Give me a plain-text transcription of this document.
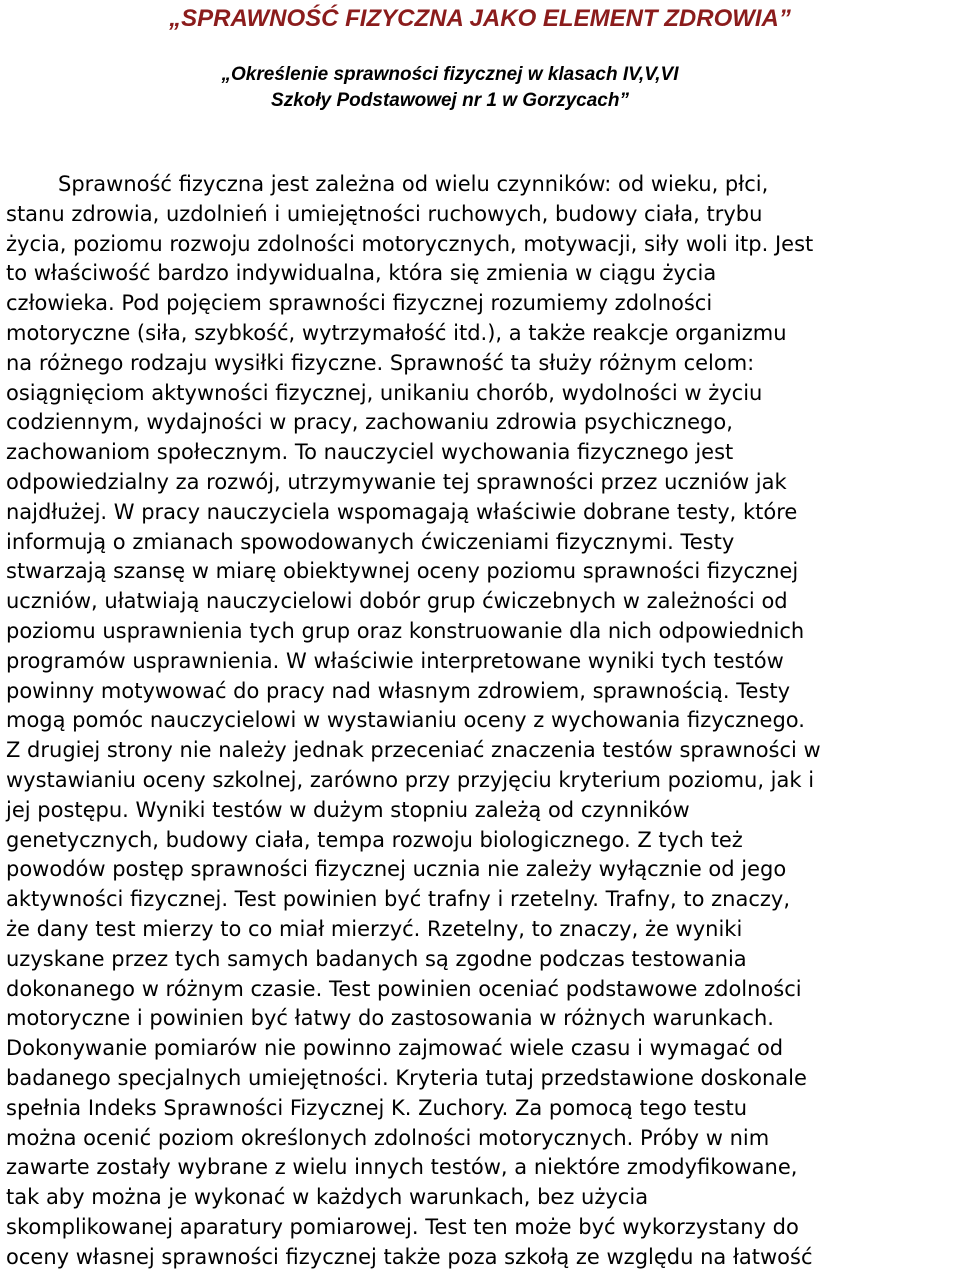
„SPRAWNOŚĆ FIZYCZNA JAKO ELEMENT ZDROWIA”

„Określenie sprawności fizycznej w klasach IV,V,VI

Szkoły Podstawowej nr 1 w Gorzycach”

Sprawność fizyczna jest zależna od wielu czynników: od wieku, płci,
stanu zdrowia, uzdolnień i umiejętności ruchowych, budowy ciała, trybu
życia, poziomu rozwoju zdolności motorycznych, motywacji, siły woli itp. Jest
to właściwość bardzo indywidualna, która się zmienia w ciągu życia
człowieka. Pod pojęciem sprawności fizycznej rozumiemy zdolności
motoryczne (siła, szybkość, wytrzymałość itd.), a także reakcje organizmu
na różnego rodzaju wysiłki fizyczne. Sprawność ta służy różnym celom:
osiągnięciom aktywności fizycznej, unikaniu chorób, wydolności w życiu
codziennym, wydajności w pracy, zachowaniu zdrowia psychicznego,
zachowaniom społecznym. To nauczyciel wychowania fizycznego jest
odpowiedzialny za rozwój, utrzymywanie tej sprawności przez uczniów jak
najdłużej. W pracy nauczyciela wspomagają właściwie dobrane testy, które
informują o zmianach spowodowanych ćwiczeniami fizycznymi. Testy
stwarzają szansę w miarę obiektywnej oceny poziomu sprawności fizycznej
uczniów, ułatwiają nauczycielowi dobór grup ćwiczebnych w zależności od
poziomu usprawnienia tych grup oraz konstruowanie dla nich odpowiednich
programów usprawnienia. W właściwie interpretowane wyniki tych testów
powinny motywować do pracy nad własnym zdrowiem, sprawnością. Testy
mogą pomóc nauczycielowi w wystawianiu oceny z wychowania fizycznego.
Z drugiej strony nie należy jednak przeceniać znaczenia testów sprawności w
wystawianiu oceny szkolnej, zarówno przy przyjęciu kryterium poziomu, jak i
jej postępu. Wyniki testów w dużym stopniu zależą od czynników
genetycznych, budowy ciała, tempa rozwoju biologicznego. Z tych też
powodów postęp sprawności fizycznej ucznia nie zależy wyłącznie od jego
aktywności fizycznej. Test powinien być trafny i rzetelny. Trafny, to znaczy,
że dany test mierzy to co miał mierzyć. Rzetelny, to znaczy, że wyniki
uzyskane przez tych samych badanych są zgodne podczas testowania
dokonanego w różnym czasie. Test powinien oceniać podstawowe zdolności
motoryczne i powinien być łatwy do zastosowania w różnych warunkach.
Dokonywanie pomiarów nie powinno zajmować wiele czasu i wymagać od
badanego specjalnych umiejętności. Kryteria tutaj przedstawione doskonale
spełnia Indeks Sprawności Fizycznej K. Zuchory. Za pomocą tego testu
można ocenić poziom określonych zdolności motorycznych. Próby w nim
zawarte zostały wybrane z wielu innych testów, a niektóre zmodyfikowane,
tak aby można je wykonać w każdych warunkach, bez użycia
skomplikowanej aparatury pomiarowej. Test ten może być wykorzystany do
oceny własnej sprawności fizycznej także poza szkołą ze względu na łatwość
